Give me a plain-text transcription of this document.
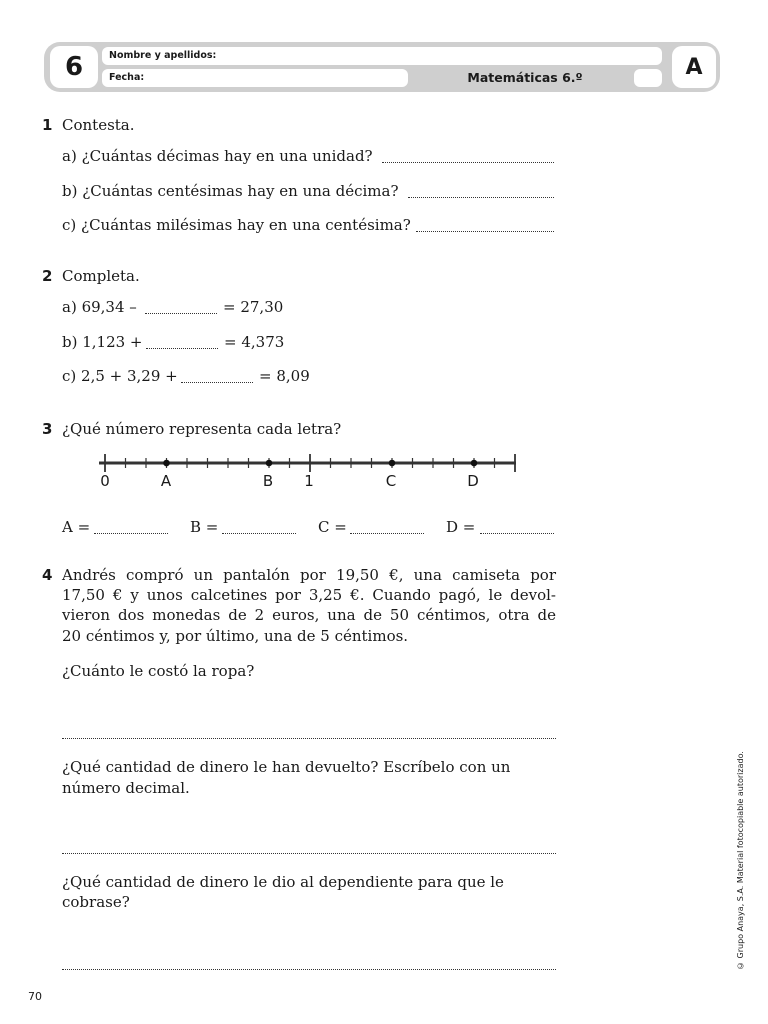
6	Nombre y apellidos:
Fecha:	Matemáticas 6.º	A
1 Contesta.
a) ¿Cuántas décimas hay en una unidad?
b) ¿Cuántas centésimas hay en una décima?
c) ¿Cuántas milésimas hay en una centésima?
2 Completa.
a) 69,34 –	= 27,30
b) 1,123 +	= 4,373
c) 2,5 + 3,29 +	= 8,09
3 ¿Qué número representa cada letra?
0	A	B	1	C	D
A =	B =	C =	D =
4 Andrés compró un pantalón por 19,50 €, una camiseta por
17,50 € y unos calcetines por 3,25 €. Cuando pagó, le devol-
vieron dos monedas de 2 euros, una de 50 céntimos, otra de
20 céntimos y, por último, una de 5 céntimos.
¿Cuánto le costó la ropa?
¿Qué cantidad de dinero le han devuelto? Escríbelo con un
número decimal.
¿Qué cantidad de dinero le dio al dependiente para que le
cobrase?	© Grupo Anaya, S.A. Material fotocopiable autorizado.
70
